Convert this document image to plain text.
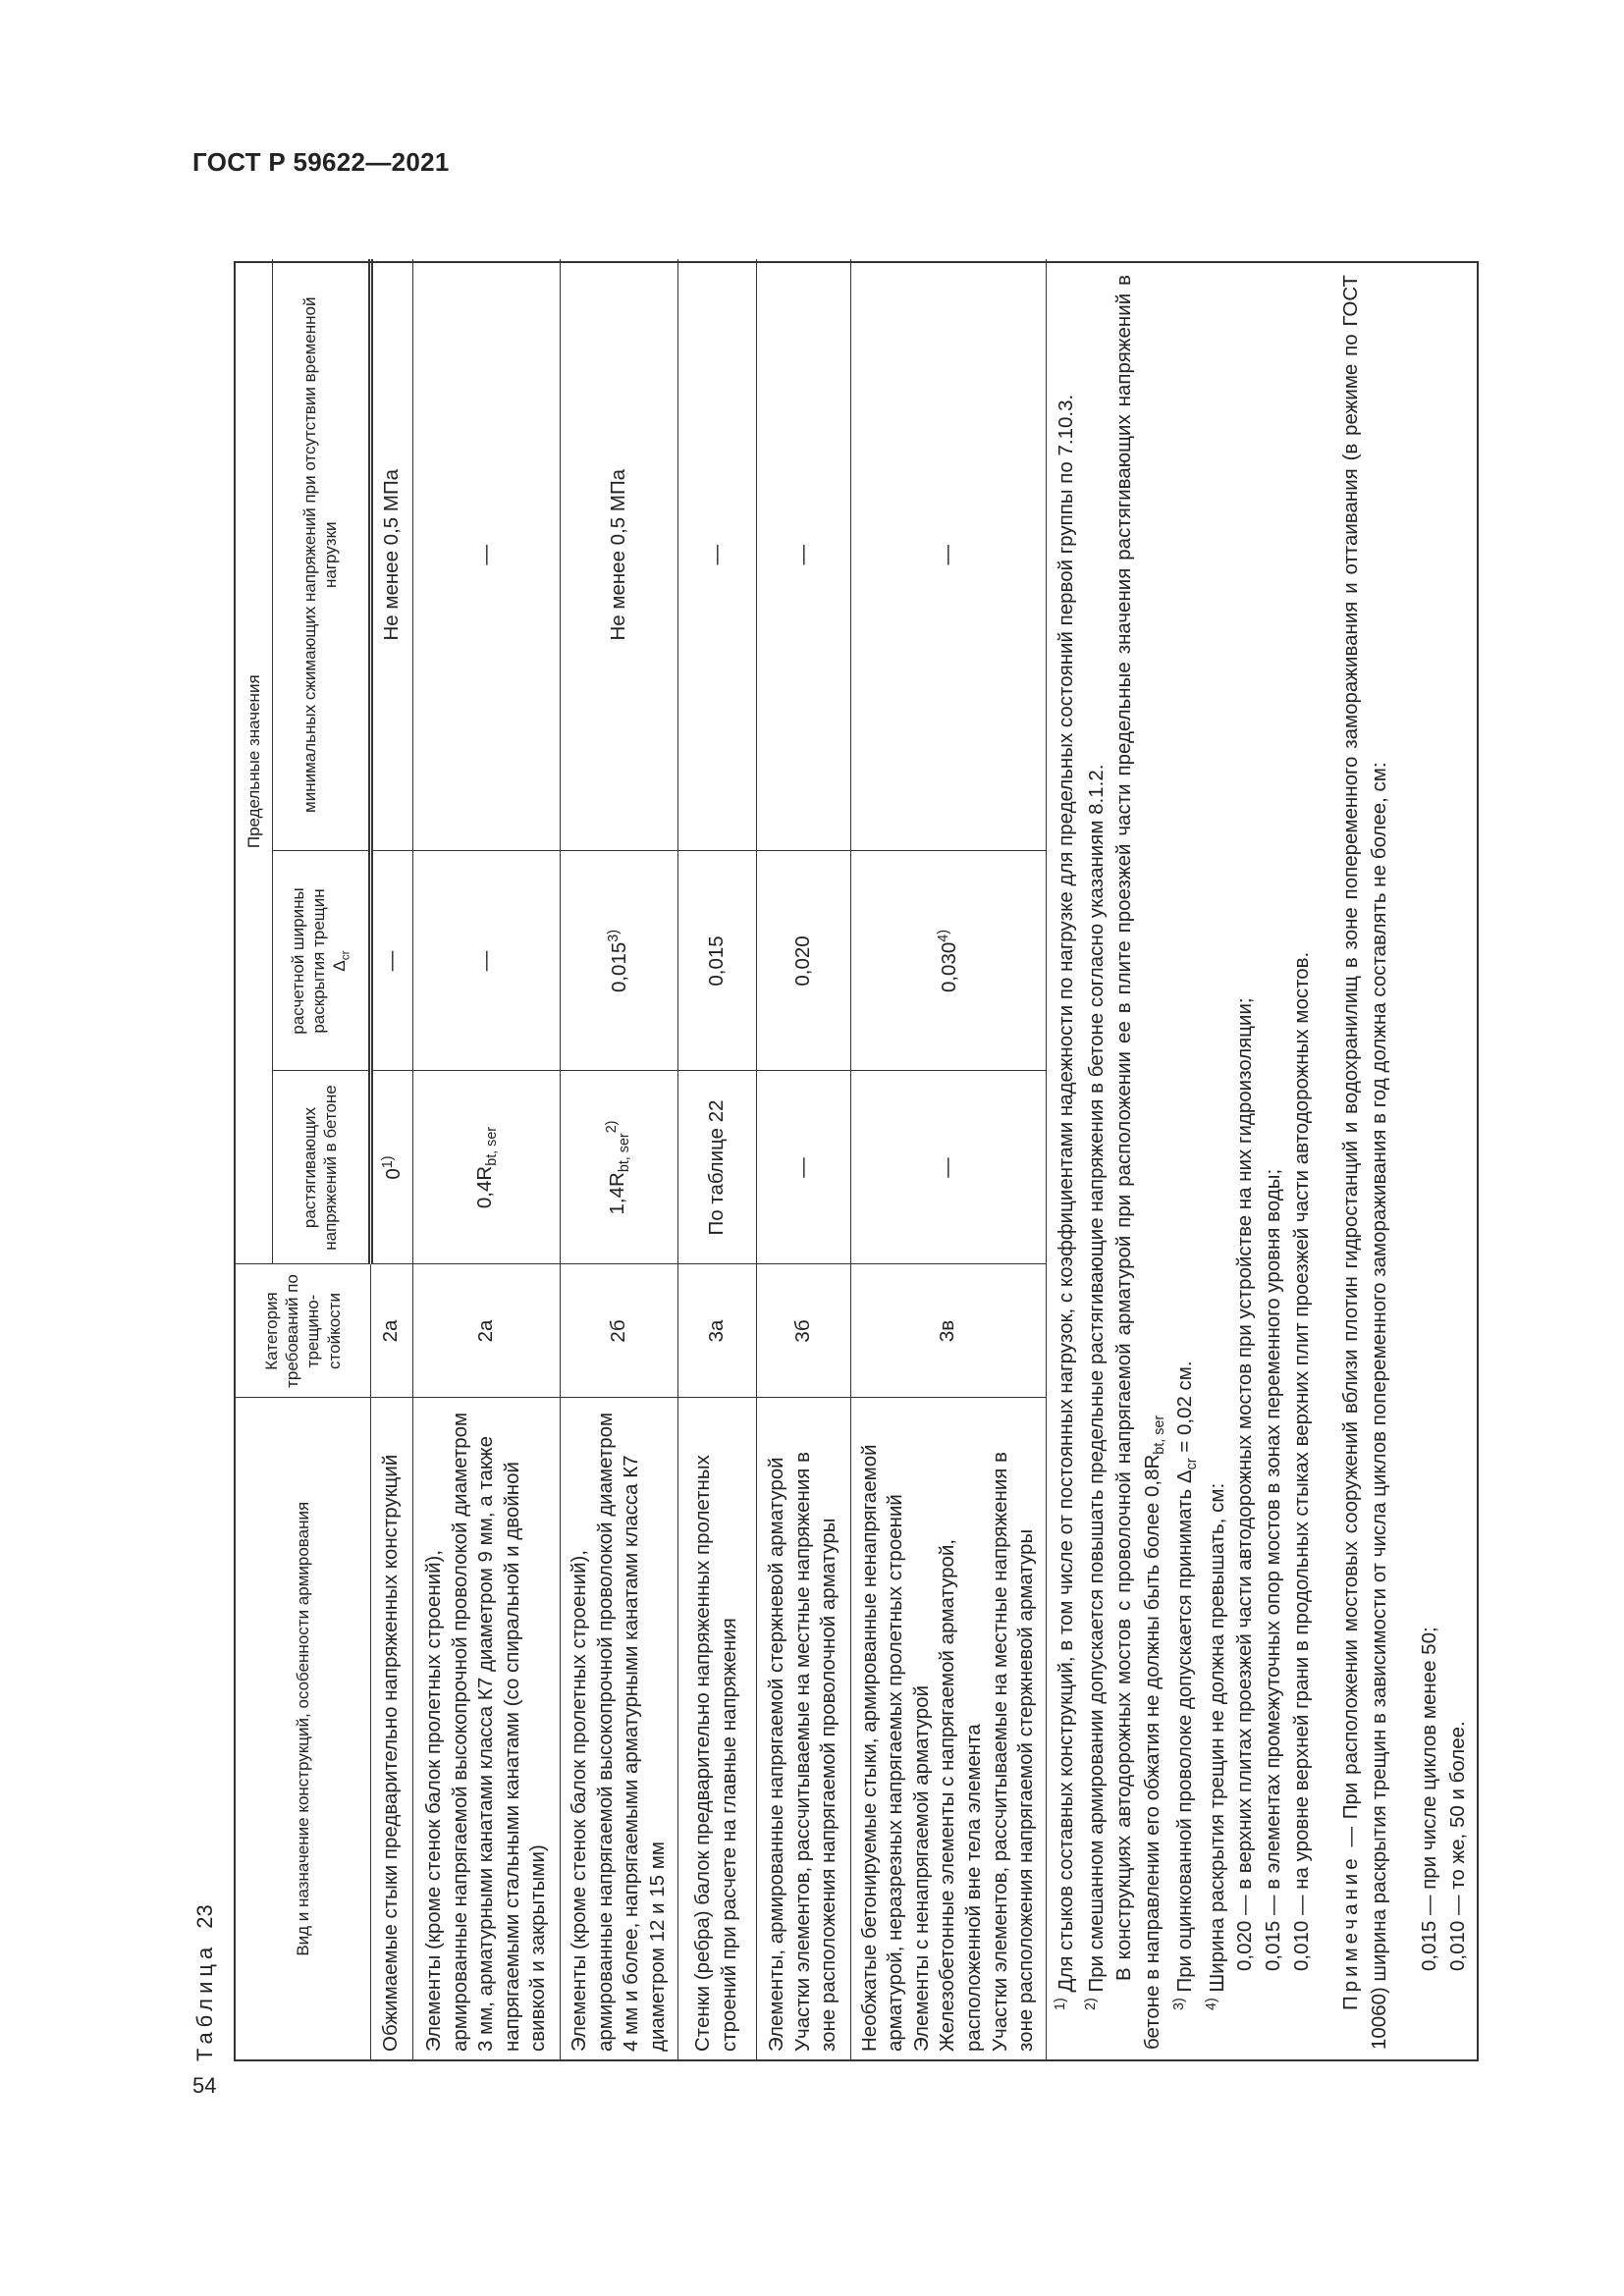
ГОСТ Р 59622—2021
54
Таблица23	Вид и назначение конструкций, особенности армирования	Категория требований по трещино-стойкости	Предельные значения		
		растягивающих напряжений в бетоне	расчетной ширины раскрытия трещин $\Delta_{cr}$	минимальных сжимающих напряжений при отсутствии временной нагрузки

Обжимаемые стыки предварительно напряженных конструкций	2а	0$^{1)}$	—	Не менее 0,5 МПа

Элементы (кроме стенок балок пролетных строений), армированные напрягаемой высокопрочной проволокой диаметром 3 мм, арматурными канатами класса К7 диаметром 9 мм, а также напрягаемыми стальными канатами (со спиральной и двойной свивкой и закрытыми)	2а	$0,4R_{bt, ser}$	—	—

Элементы (кроме стенок балок пролетных строений), армированные напрягаемой высокопрочной проволокой диаметром 4 мм и более, напрягаемыми арматурными канатами класса К7 диаметром 12 и 15 мм	2б	$1,4R_{bt, ser}^{2)}$	0,015$^{3)}$	Не менее 0,5 МПа

Стенки (ребра) балок предварительно напряженных пролетных строений при расчете на главные напряжения	3а	По таблице 22	0,015	—

Элементы, армированные напрягаемой стержневой арматурой Участки элементов, рассчитываемые на местные напряжения в зоне расположения напрягаемой проволочной арматуры	3б	—	0,020	—

Необжатые бетонируемые стыки, армированные ненапрягаемой арматурой, неразрезных напрягаемых пролетных строений Элементы с ненапрягаемой арматурой Железобетонные элементы с напрягаемой арматурой, расположенной вне тела элемента Участки элементов, рассчитываемые на местные напряжения в зоне расположения напрягаемой стержневой арматуры	3в	—	0,030$^{4)}$	—

$^{1)}$ Для стыков составных конструкций, в том числе от постоянных нагрузок, с коэффициентами надежности по нагрузке для предельных состояний первой группы по 7.10.3.

$^{2)}$ При смешанном армировании допускается повышать предельные растягивающие напряжения в бетоне согласно указаниям 8.1.2. В конструкциях автодорожных мостов с проволочной напрягаемой арматурой при расположении ее в плите проезжей части предельные значения растягивающих напряжений в бетоне в направлении его обжатия не должны быть более $0,8R_{bt, ser}$

$^{3)}$ При оцинкованной проволоке допускается принимать $\Delta_{cr} = 0,02$ см.

$^{4)}$ Ширина раскрытия трещин не должна превышать, см: 0,020 — в верхних плитах проезжей части автодорожных мостов при устройстве на них гидроизоляции; 0,015 — в элементах промежуточных опор мостов в зонах переменного уровня воды; 0,010 — на уровне верхней грани в продольных стыках верхних плит проезжей части автодорожных мостов. Примечание — При расположении мостовых сооружений вблизи плотин гидростанций и водохранилищ в зоне попеременного замораживания и оттаивания (в режиме по ГОСТ 10060) ширина раскрытия трещин в зависимости от числа циклов попеременного замораживания в год должна составлять не более, см: 0,015 — при числе циклов менее 50; 0,010 — то же, 50 и более.
